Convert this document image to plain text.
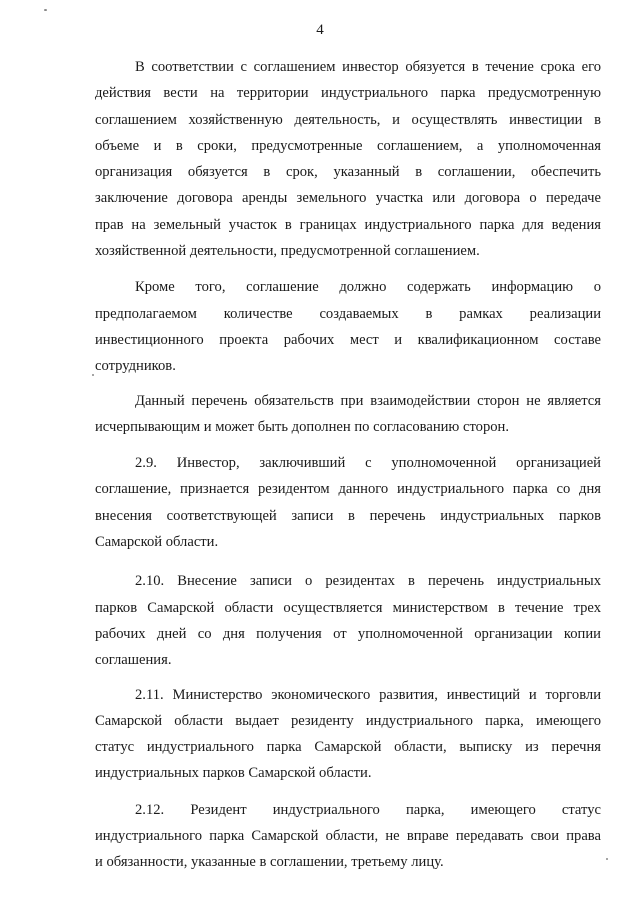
4

В соответствии с соглашением инвестор обязуется в течение срока его
действия вести на территории индустриального парка предусмотренную
соглашением хозяйственную деятельность, и осуществлять инвестиции в
объеме и в сроки, предусмотренные соглашением, а уполномоченная
организация обязуется в срок, указанный в соглашении, обеспечить
заключение договора аренды земельного участка или договора о передаче
прав на земельный участок в границах индустриального парка для ведения
хозяйственной деятельности, предусмотренной соглашением.

Кроме того, соглашение должно содержать информацию о
предполагаемом количестве создаваемых в рамках реализации
инвестиционного проекта рабочих мест и квалификационном составе
сотрудников.

Данный перечень обязательств при взаимодействии сторон не является
исчерпывающим и может быть дополнен по согласованию сторон.

2.9. Инвестор, заключивший с уполномоченной организацией
соглашение, признается резидентом данного индустриального парка со дня
внесения соответствующей записи в перечень индустриальных парков
Самарской области.

2.10. Внесение записи о резидентах в перечень индустриальных
парков Самарской области осуществляется министерством в течение трех
рабочих дней со дня получения от уполномоченной организации копии
соглашения.

2.11. Министерство экономического развития, инвестиций и торговли
Самарской области выдает резиденту индустриального парка, имеющего
статус индустриального парка Самарской области, выписку из перечня
индустриальных парков Самарской области.

2.12. Резидент индустриального парка, имеющего статус
индустриального парка Самарской области, не вправе передавать свои права
и обязанности, указанные в соглашении, третьему лицу.
